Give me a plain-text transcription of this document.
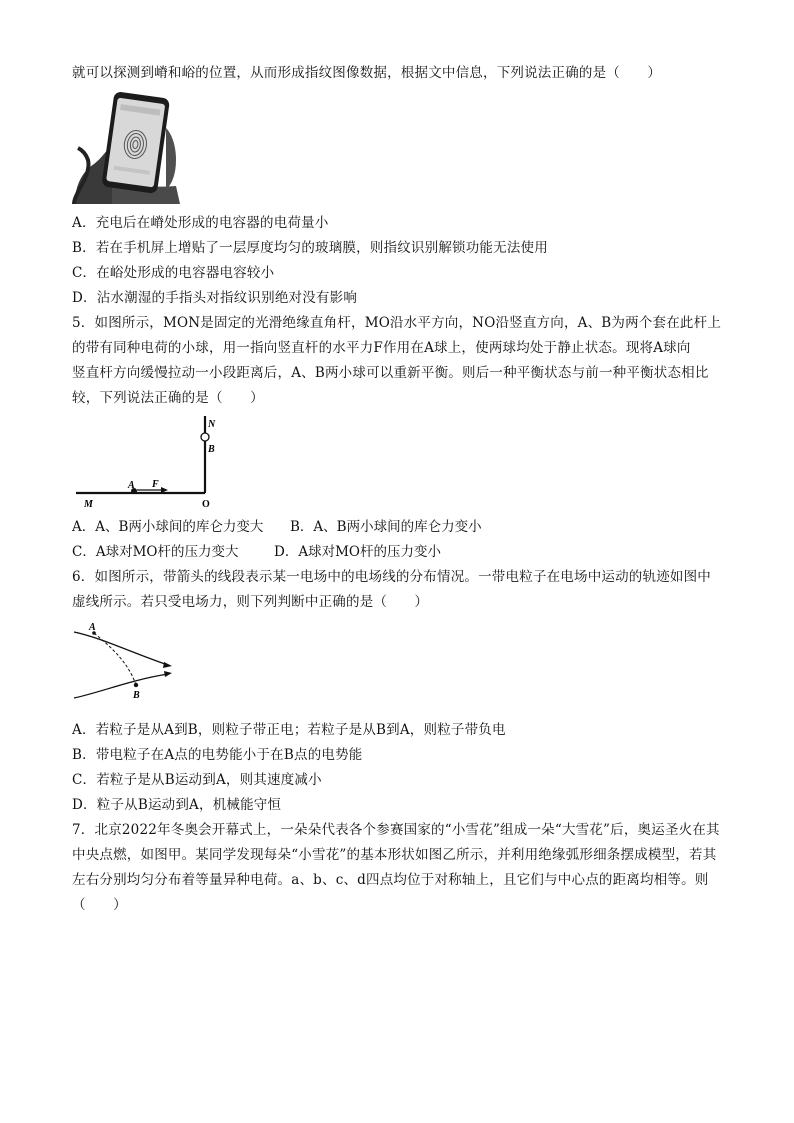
就可以探测到嵴和峪的位置，从而形成指纹图像数据，根据文中信息，下列说法正确的是（　　）
A．充电后在嵴处形成的电容器的电荷量小
B．若在手机屏上增贴了一层厚度均匀的玻璃膜，则指纹识别解锁功能无法使用
C．在峪处形成的电容器电容较小
D．沾水潮湿的手指头对指纹识别绝对没有影响
5．如图所示，MON是固定的光滑绝缘直角杆，MO沿水平方向，NO沿竖直方向，A、B为两个套在此杆上
的带有同种电荷的小球，用一指向竖直杆的水平力F作用在A球上，使两球均处于静止状态。现将A球向
竖直杆方向缓慢拉动一小段距离后，A、B两小球可以重新平衡。则后一种平衡状态与前一种平衡状态相比
较，下列说法正确的是（　　）
N
B
M
A F
O
A．A、B两小球间的库仑力变大 B．A、B两小球间的库仑力变小
C．A球对MO杆的压力变大	D．A球对MO杆的压力变小
6．如图所示，带箭头的线段表示某一电场中的电场线的分布情况。一带电粒子在电场中运动的轨迹如图中
虚线所示。若只受电场力，则下列判断中正确的是（　　）
A
B
A．若粒子是从A到B，则粒子带正电；若粒子是从B到A，则粒子带负电
B．带电粒子在A点的电势能小于在B点的电势能
C．若粒子是从B运动到A，则其速度减小
D．粒子从B运动到A，机械能守恒
7．北京2022年冬奥会开幕式上，一朵朵代表各个参赛国家的“小雪花”组成一朵“大雪花”后，奥运圣火在其
中央点燃，如图甲。某同学发现每朵“小雪花”的基本形状如图乙所示，并利用绝缘弧形细条摆成模型，若其
左右分别均匀分布着等量异种电荷。a、b、c、d四点均位于对称轴上，且它们与中心点的距离均相等。则
（　　）
